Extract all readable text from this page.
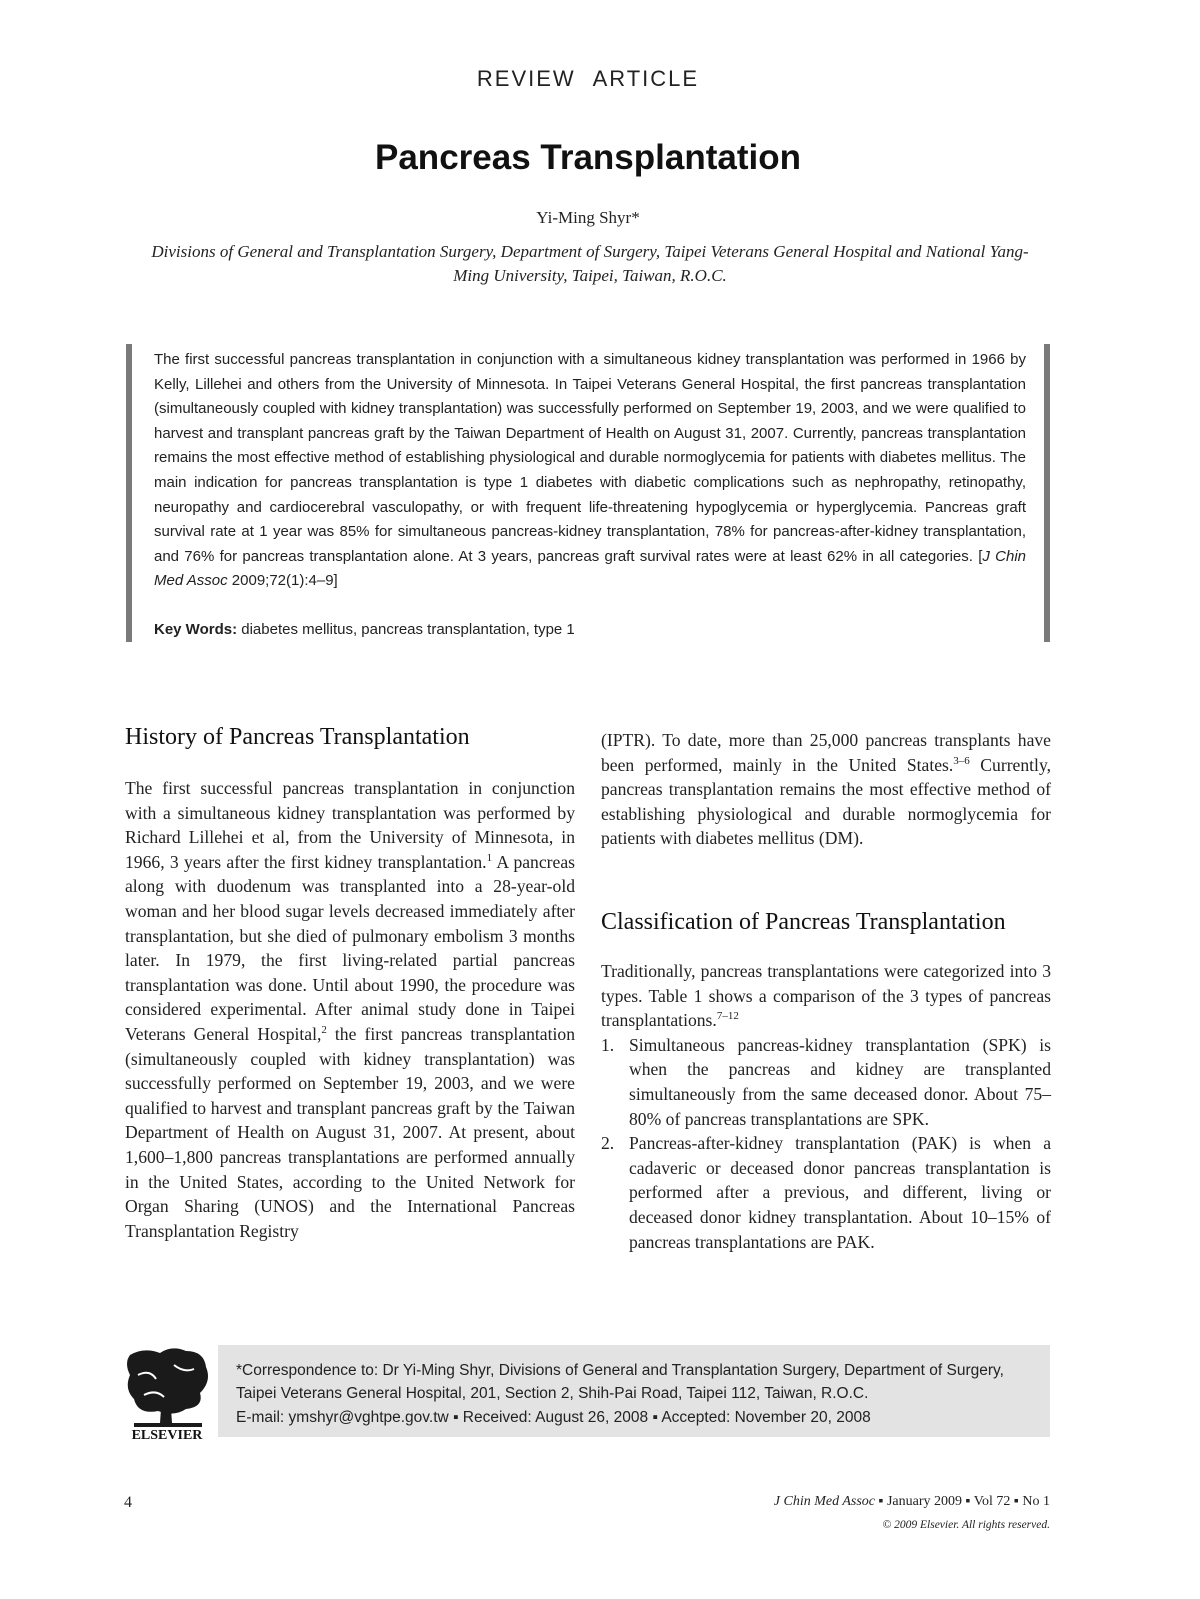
REVIEW ARTICLE
Pancreas Transplantation
Yi-Ming Shyr*
Divisions of General and Transplantation Surgery, Department of Surgery, Taipei Veterans General Hospital and National Yang-Ming University, Taipei, Taiwan, R.O.C.
The first successful pancreas transplantation in conjunction with a simultaneous kidney transplantation was performed in 1966 by Kelly, Lillehei and others from the University of Minnesota. In Taipei Veterans General Hospital, the first pancreas transplantation (simultaneously coupled with kidney transplantation) was successfully performed on September 19, 2003, and we were qualified to harvest and transplant pancreas graft by the Taiwan Department of Health on August 31, 2007. Currently, pancreas transplantation remains the most effective method of establishing physiological and durable normoglycemia for patients with diabetes mellitus. The main indication for pancreas transplantation is type 1 diabetes with diabetic complications such as nephropathy, retinopathy, neuropathy and cardiocerebral vasculopathy, or with frequent life-threatening hypoglycemia or hyperglycemia. Pancreas graft survival rate at 1 year was 85% for simultaneous pancreas-kidney transplantation, 78% for pancreas-after-kidney transplantation, and 76% for pancreas transplantation alone. At 3 years, pancreas graft survival rates were at least 62% in all categories. [J Chin Med Assoc 2009;72(1):4–9]
Key Words: diabetes mellitus, pancreas transplantation, type 1
History of Pancreas Transplantation

The first successful pancreas transplantation in conjunction with a simultaneous kidney transplantation was performed by Richard Lillehei et al, from the University of Minnesota, in 1966, 3 years after the first kidney transplantation.$^1$ A pancreas along with duodenum was transplanted into a 28-year-old woman and her blood sugar levels decreased immediately after transplantation, but she died of pulmonary embolism 3 months later. In 1979, the first living-related partial pancreas transplantation was done. Until about 1990, the procedure was considered experimental. After animal study done in Taipei Veterans General Hospital,$^2$ the first pancreas transplantation (simultaneously coupled with kidney transplantation) was successfully performed on September 19, 2003, and we were qualified to harvest and transplant pancreas graft by the Taiwan Department of Health on August 31, 2007. At present, about 1,600–1,800 pancreas transplantations are performed annually in the United States, according to the United Network for Organ Sharing (UNOS) and the International Pancreas Transplantation Registry

(IPTR). To date, more than 25,000 pancreas transplants have been performed, mainly in the United States.$^{3-6}$ Currently, pancreas transplantation remains the most effective method of establishing physiological and durable normoglycemia for patients with diabetes mellitus (DM).

Classification of Pancreas Transplantation

Traditionally, pancreas transplantations were categorized into 3 types. Table 1 shows a comparison of the 3 types of pancreas transplantations.$^{7-12}$

1. Simultaneous pancreas-kidney transplantation (SPK) is when the pancreas and kidney are transplanted simultaneously from the same deceased donor. About 75–80% of pancreas transplantations are SPK.
2. Pancreas-after-kidney transplantation (PAK) is when a cadaveric or deceased donor pancreas transplantation is performed after a previous, and different, living or deceased donor kidney transplantation. About 10–15% of pancreas transplantations are PAK.
ELSEVIER
*Correspondence to: Dr Yi-Ming Shyr, Divisions of General and Transplantation Surgery, Department of Surgery, Taipei Veterans General Hospital, 201, Section 2, Shih-Pai Road, Taipei 112, Taiwan, R.O.C.
E-mail: ymshyr@vghtpe.gov.tw ▪ Received: August 26, 2008 ▪ Accepted: November 20, 2008
4	J Chin Med Assoc ▪ January 2009 ▪ Vol 72 ▪ No 1
© 2009 Elsevier. All rights reserved.
